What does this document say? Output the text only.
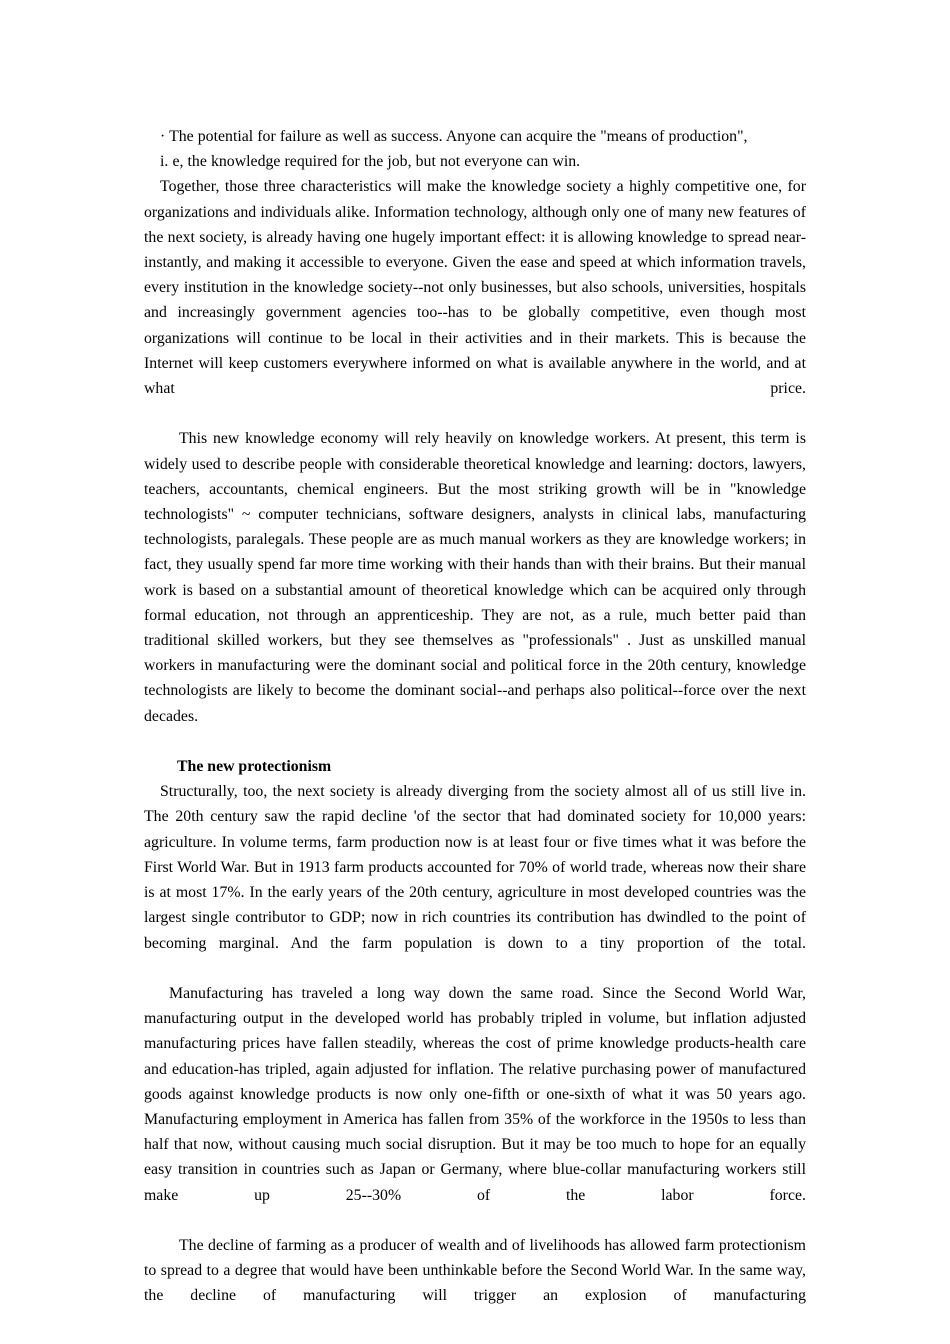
· The potential for failure as well as success. Anyone can acquire the "means of production",

i. e, the knowledge required for the job, but not everyone can win.

Together, those three characteristics will make the knowledge society a highly competitive one, for organizations and individuals alike. Information technology, although only one of many new features of the next society, is already having one hugely important effect: it is allowing knowledge to spread near-instantly, and making it accessible to everyone. Given the ease and speed at which information travels, every institution in the knowledge society--not only businesses, but also schools, universities, hospitals and increasingly government agencies too--has to be globally competitive, even though most organizations will continue to be local in their activities and in their markets. This is because the Internet will keep customers everywhere informed on what is available anywhere in the world, and at what price.

This new knowledge economy will rely heavily on knowledge workers. At present, this term is widely used to describe people with considerable theoretical knowledge and learning: doctors, lawyers, teachers, accountants, chemical engineers. But the most striking growth will be in "knowledge technologists" ~ computer technicians, software designers, analysts in clinical labs, manufacturing technologists, paralegals. These people are as much manual workers as they are knowledge workers; in fact, they usually spend far more time working with their hands than with their brains. But their manual work is based on a substantial amount of theoretical knowledge which can be acquired only through formal education, not through an apprenticeship. They are not, as a rule, much better paid than traditional skilled workers, but they see themselves as "professionals" . Just as unskilled manual workers in manufacturing were the dominant social and political force in the 20th century, knowledge technologists are likely to become the dominant social--and perhaps also political--force over the next decades.

The new protectionism

Structurally, too, the next society is already diverging from the society almost all of us still live in. The 20th century saw the rapid decline 'of the sector that had dominated society for 10,000 years: agriculture. In volume terms, farm production now is at least four or five times what it was before the First World War. But in 1913 farm products accounted for 70% of world trade, whereas now their share is at most 17%. In the early years of the 20th century, agriculture in most developed countries was the largest single contributor to GDP; now in rich countries its contribution has dwindled to the point of becoming marginal. And the farm population is down to a tiny proportion of the total.

Manufacturing has traveled a long way down the same road. Since the Second World War, manufacturing output in the developed world has probably tripled in volume, but inflation adjusted manufacturing prices have fallen steadily, whereas the cost of prime knowledge products-health care and education-has tripled, again adjusted for inflation. The relative purchasing power of manufactured goods against knowledge products is now only one-fifth or one-sixth of what it was 50 years ago. Manufacturing employment in America has fallen from 35% of the workforce in the 1950s to less than half that now, without causing much social disruption. But it may be too much to hope for an equally easy transition in countries such as Japan or Germany, where blue-collar manufacturing workers still make up 25--30% of the labor force.

The decline of farming as a producer of wealth and of livelihoods has allowed farm protectionism to spread to a degree that would have been unthinkable before the Second World War. In the same way, the decline of manufacturing will trigger an explosion of manufacturing
